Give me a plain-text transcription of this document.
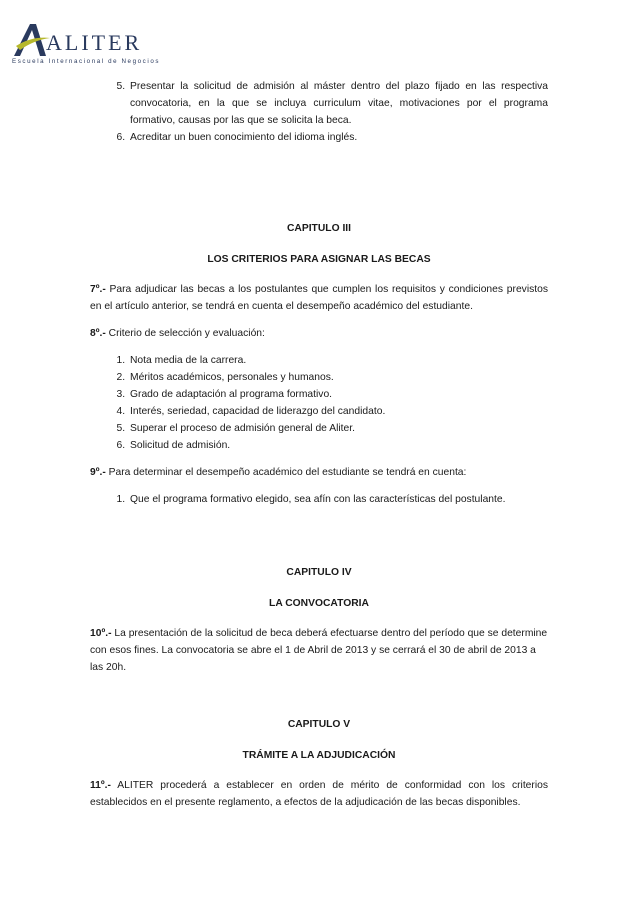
ALITER
Escuela Internacional de Negocios
5. Presentar la solicitud de admisión al máster dentro del plazo fijado en las respectiva convocatoria, en la que se incluya curriculum vitae, motivaciones por el programa formativo, causas por las que se solicita la beca.
6. Acreditar un buen conocimiento del idioma inglés.

CAPITULO III

LOS CRITERIOS PARA ASIGNAR LAS BECAS

7º.- Para adjudicar las becas a los postulantes que cumplen los requisitos y condiciones previstos en el artículo anterior, se tendrá en cuenta el desempeño académico del estudiante.

8º.- Criterio de selección y evaluación:

1. Nota media de la carrera.
2. Méritos académicos, personales y humanos.
3. Grado de adaptación al programa formativo.
4. Interés, seriedad, capacidad de liderazgo del candidato.
5. Superar el proceso de admisión general de Aliter.
6. Solicitud de admisión.

9º.- Para determinar el desempeño académico del estudiante se tendrá en cuenta:

1. Que el programa formativo elegido, sea afín con las características del postulante.

CAPITULO IV

LA CONVOCATORIA

10º.- La presentación de la solicitud de beca deberá efectuarse dentro del período que se determine con esos fines. La convocatoria se abre el 1 de Abril de 2013 y se cerrará el 30 de abril de 2013 a las 20h.

CAPITULO V

TRÁMITE A LA ADJUDICACIÓN

11º.- ALITER procederá a establecer en orden de mérito de conformidad con los criterios establecidos en el presente reglamento, a efectos de la adjudicación de las becas disponibles.
